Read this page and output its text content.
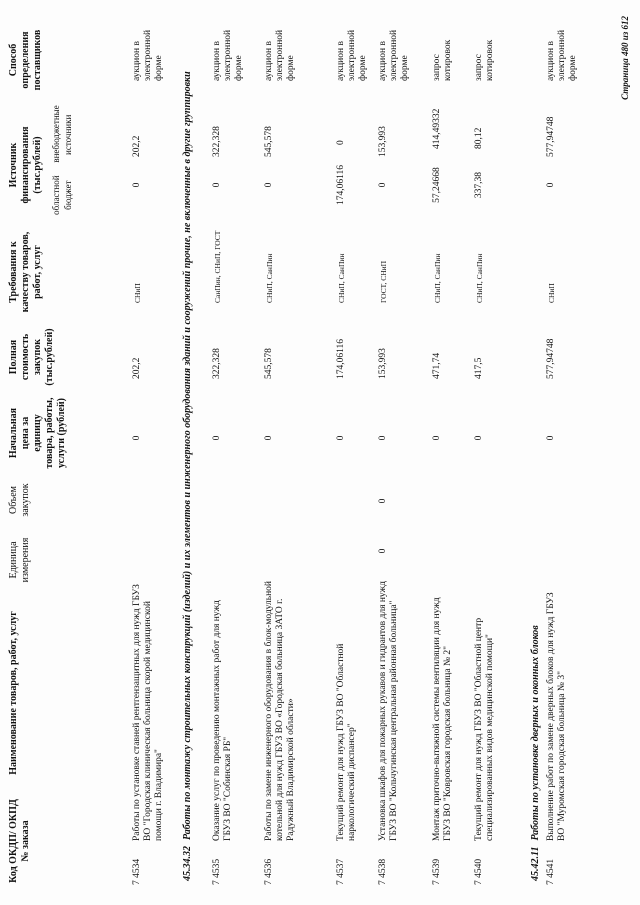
Код ОКДП/ ОКПД № заказа
Наименование товаров, работ, услуг
Единица измерения
Объем закупок
Начальная цена за единицу товара, работы, услуги (рублей)
Полная стоимость закупок (тыс.рублей)
Требования к качеству товаров, работ, услуг
Источник финансирования (тыс.рублей)
областной бюджет
внебюджетные источники
Способ определения поставщиков
7 4534
Работы по установке ставней рентгензащитных для нужд ГБУЗ ВО "Городская клиническая больница скорой медицинской помощи г. Владимира"
0
202,2
СНиП
0
202,2
аукцион в электронной форме
45.34.32Работы по монтажу строительных конструкций (изделий) и их элементов и инженерного оборудования зданий и сооружений прочие, не включенные в другие группировки
7 4535
Оказание услуг по проведению монтажных работ для нужд ГБУЗ ВО "Собинская РБ"
0
322,328
СанПин, СНиП, ГОСТ
0
322,328
аукцион в электронной форме
7 4536
Работы по замене инженерного оборудования в блок-модульной котельной для нужд ГБУЗ ВО «Городская больница ЗАТО г. Радужный Владимирской области»
0
545,578
СНиП, СанПин
0
545,578
аукцион в электронной форме
7 4537
Текущий ремонт для нужд ГБУЗ ВО "Областной наркологический диспансер"
0
174,06116
СНиП, СанПин
174,06116
0
аукцион в электронной форме
7 4538
Установка шкафов для пожарных рукавов и гидрантов для нужд ГБУЗ ВО "Кольчугинская центральная районная больница"
0
0
0
153,993
ГОСТ, СНиП
0
153,993
аукцион в электронной форме
7 4539
Монтаж приточно-вытяжной системы вентиляции для нужд ГБУЗ ВО "Ковровская городская больница № 2"
0
471,74
СНиП, СанПин
57,24668
414,49332
запрос котировок
7 4540
Текущий ремонт для нужд ГБУЗ ВО "Областной центр специализированных видов медицинской помощи"
0
417,5
СНиП, СанПин
337,38
80,12
запрос котировок
45.42.11Работы по установке дверных и оконных блоков
7 4541
Выполнение работ по замене дверных блоков для нужд ГБУЗ ВО "Муромская городская больница № 3"
0
577,94748
СНиП
0
577,94748
аукцион в электронной форме	Страница 480 из 612
